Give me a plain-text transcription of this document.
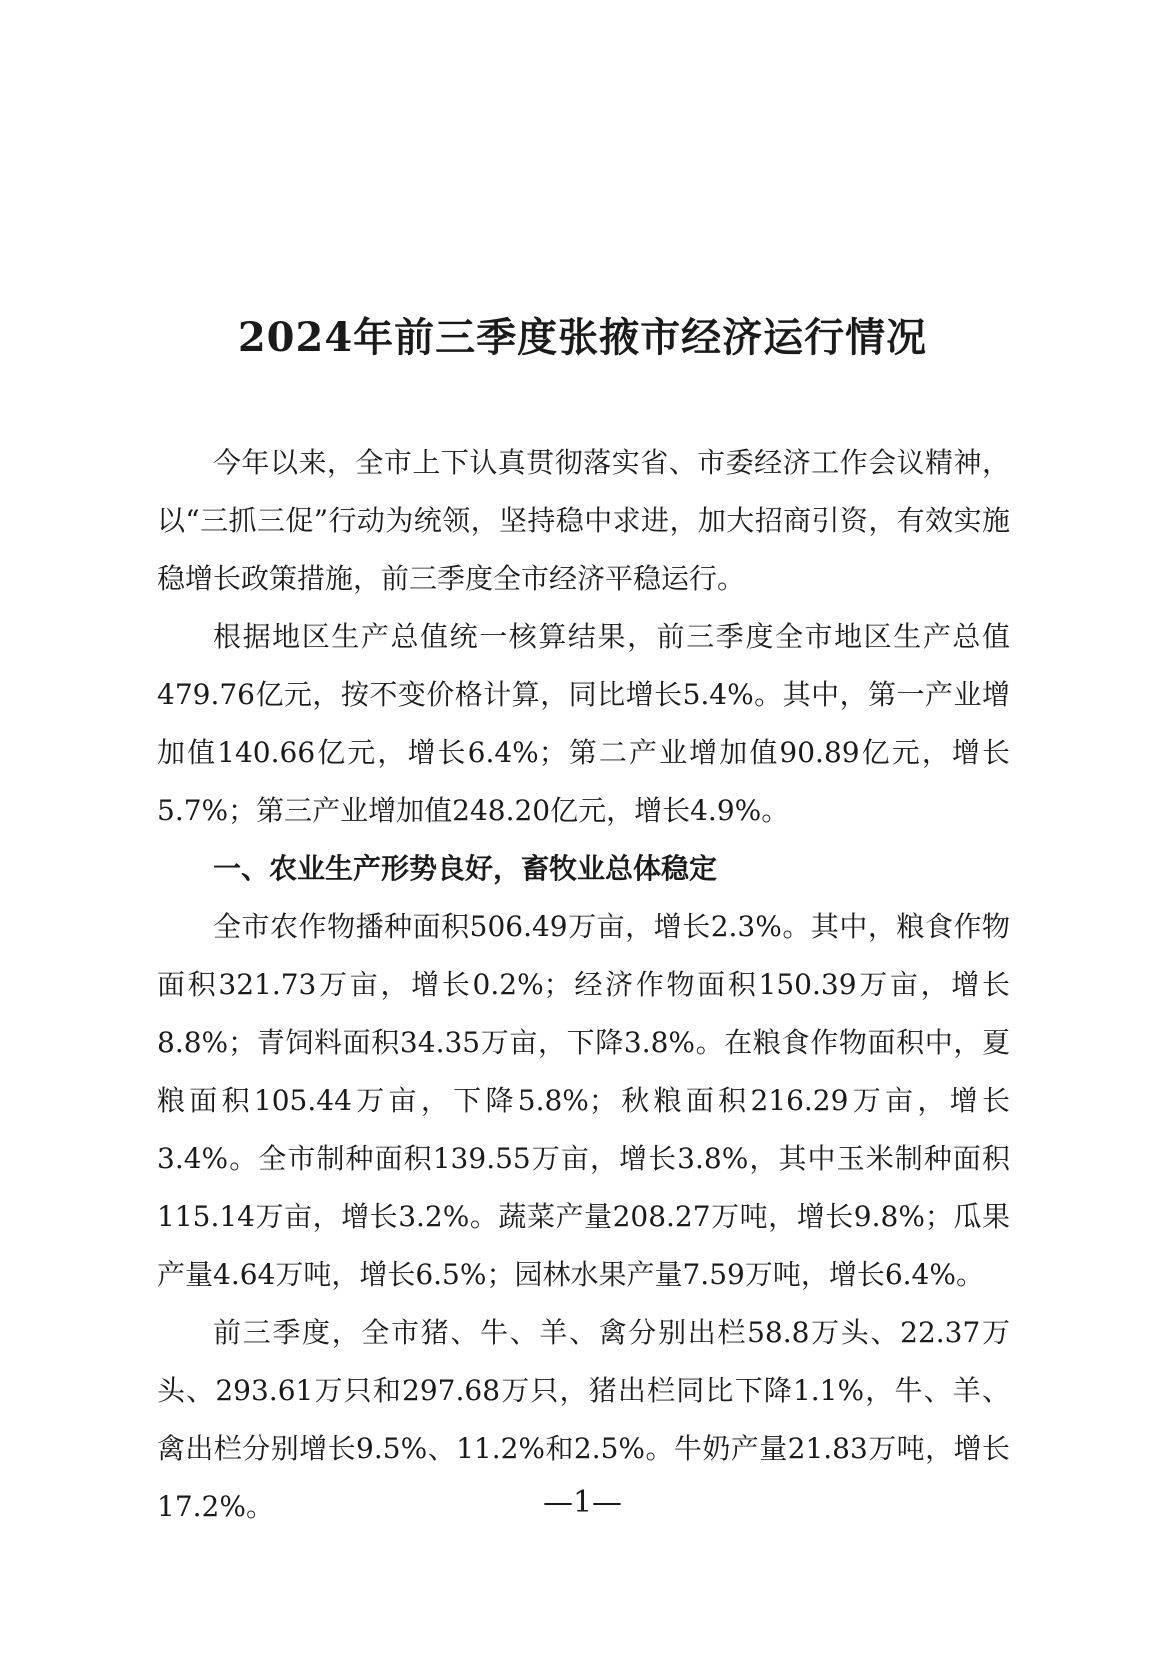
2024年前三季度张掖市经济运行情况

今年以来，全市上下认真贯彻落实省、市委经济工作会议精神，以“三抓三促”行动为统领，坚持稳中求进，加大招商引资，有效实施稳增长政策措施，前三季度全市经济平稳运行。

根据地区生产总值统一核算结果，前三季度全市地区生产总值479.76亿元，按不变价格计算，同比增长5.4%。其中，第一产业增加值140.66亿元，增长6.4%；第二产业增加值90.89亿元，增长5.7%；第三产业增加值248.20亿元，增长4.9%。

一、农业生产形势良好，畜牧业总体稳定

全市农作物播种面积506.49万亩，增长2.3%。其中，粮食作物面积321.73万亩，增长0.2%；经济作物面积150.39万亩，增长8.8%；青饲料面积34.35万亩，下降3.8%。在粮食作物面积中，夏粮面积105.44万亩，下降5.8%；秋粮面积216.29万亩，增长3.4%。全市制种面积139.55万亩，增长3.8%，其中玉米制种面积115.14万亩，增长3.2%。蔬菜产量208.27万吨，增长9.8%；瓜果产量4.64万吨，增长6.5%；园林水果产量7.59万吨，增长6.4%。

前三季度，全市猪、牛、羊、禽分别出栏58.8万头、22.37万头、293.61万只和297.68万只，猪出栏同比下降1.1%，牛、羊、禽出栏分别增长9.5%、11.2%和2.5%。牛奶产量21.83万吨，增长17.2%。	—1—
